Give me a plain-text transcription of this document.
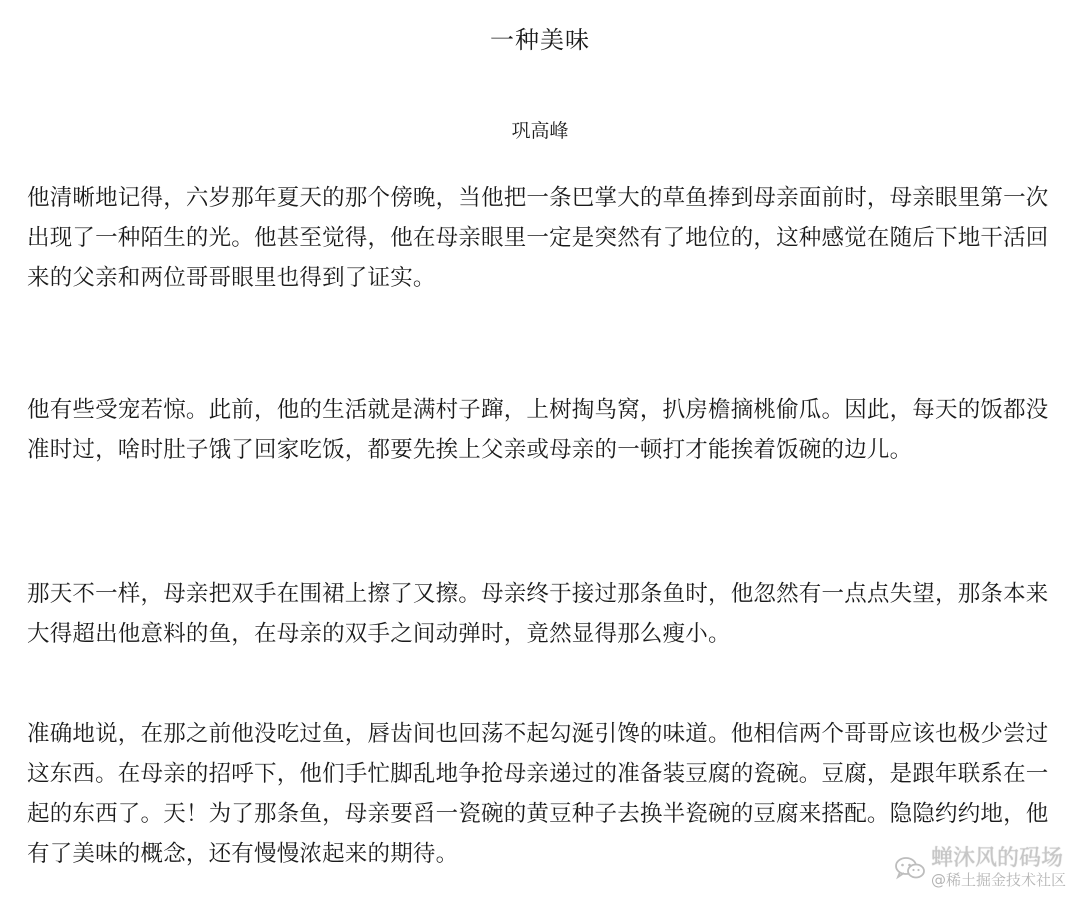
一种美味
巩高峰

他清晰地记得，六岁那年夏天的那个傍晚，当他把一条巴掌大的草鱼捧到母亲面前时，母亲眼里第一次出现了一种陌生的光。他甚至觉得，他在母亲眼里一定是突然有了地位的，这种感觉在随后下地干活回来的父亲和两位哥哥眼里也得到了证实。

他有些受宠若惊。此前，他的生活就是满村子蹿，上树掏鸟窝，扒房檐摘桃偷瓜。因此，每天的饭都没准时过，啥时肚子饿了回家吃饭，都要先挨上父亲或母亲的一顿打才能挨着饭碗的边儿。

那天不一样，母亲把双手在围裙上擦了又擦。母亲终于接过那条鱼时，他忽然有一点点失望，那条本来大得超出他意料的鱼，在母亲的双手之间动弹时，竟然显得那么瘦小。

准确地说，在那之前他没吃过鱼，唇齿间也回荡不起勾涎引馋的味道。他相信两个哥哥应该也极少尝过这东西。在母亲的招呼下，他们手忙脚乱地争抢母亲递过的准备装豆腐的瓷碗。豆腐，是跟年联系在一起的东西了。天！为了那条鱼，母亲要舀一瓷碗的黄豆种子去换半瓷碗的豆腐来搭配。隐隐约约地，他有了美味的概念，还有慢慢浓起来的期待。	蝉沐风的码场
@稀土掘金技术社区
